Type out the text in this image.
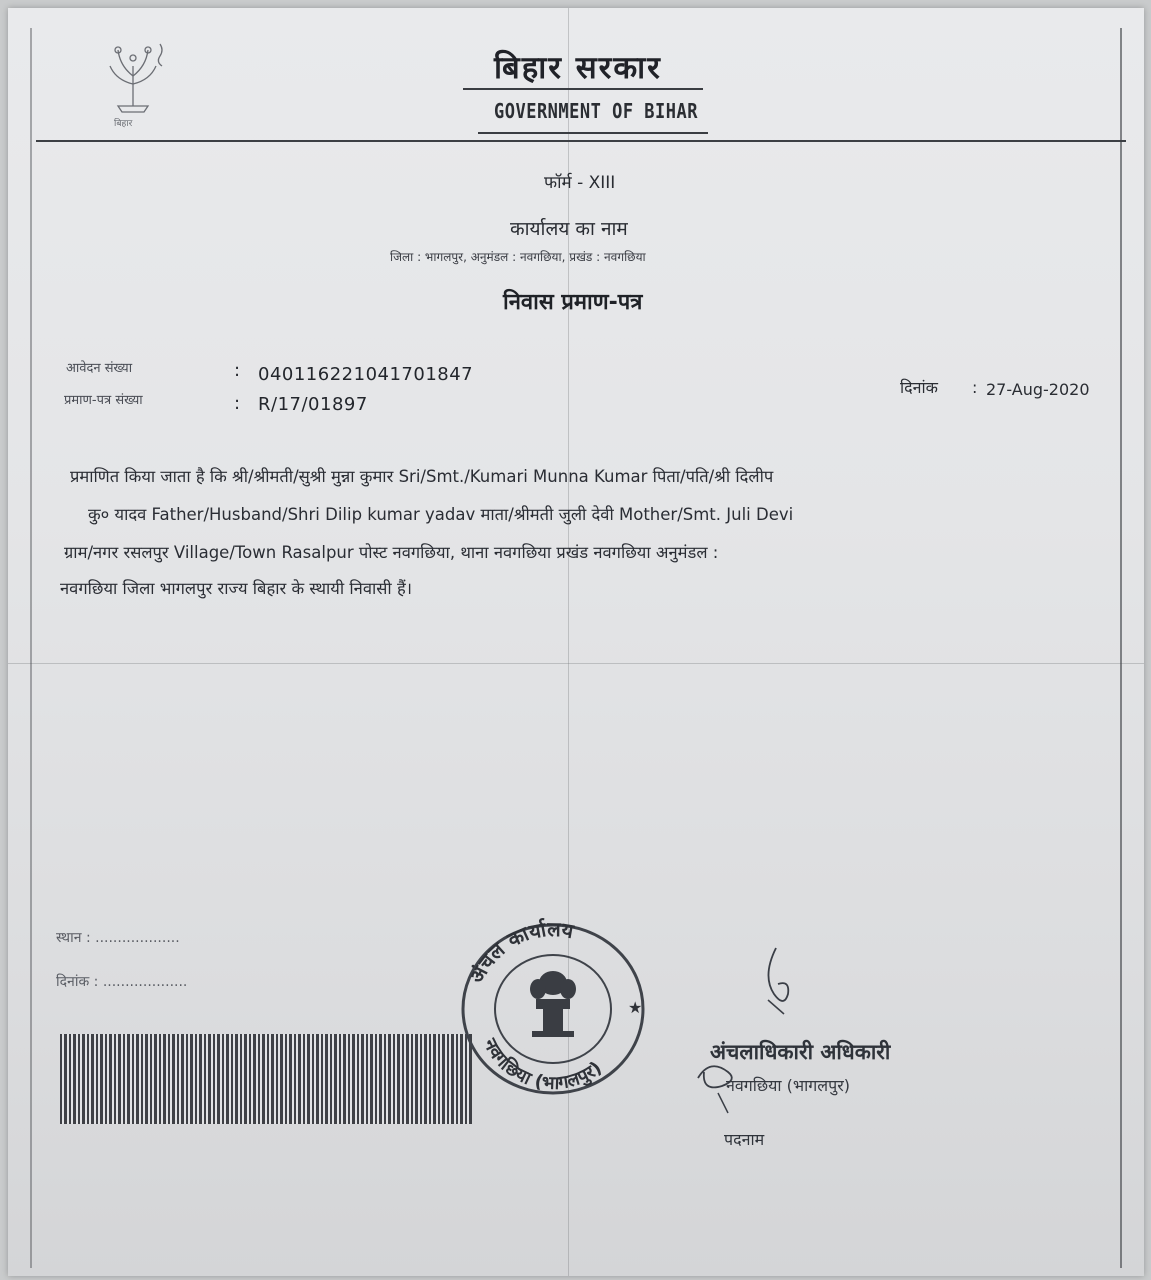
बिहार
बिहार सरकार
GOVERNMENT OF BIHAR
फॉर्म - XIII
कार्यालय का नाम
जिला : भागलपुर, अनुमंडल : नवगछिया, प्रखंड : नवगछिया
निवास प्रमाण-पत्र
आवेदन संख्या	: 040116221041701847
प्रमाण-पत्र संख्या	: R/17/01897
दिनांक : 27-Aug-2020
प्रमाणित किया जाता है कि श्री/श्रीमती/सुश्री मुन्ना कुमार Sri/Smt./Kumari Munna Kumar पिता/पति/श्री दिलीप
कु० यादव Father/Husband/Shri Dilip kumar yadav माता/श्रीमती जुली देवी Mother/Smt. Juli Devi
ग्राम/नगर रसलपुर Village/Town Rasalpur पोस्ट नवगछिया, थाना नवगछिया प्रखंड नवगछिया अनुमंडल :
नवगछिया जिला भागलपुर राज्य बिहार के स्थायी निवासी हैं।
स्थान : ...................
दिनांक : ...................	अंचल कार्यालय
नवगछिया (भागलपुर)
★
अंचलाधिकारी अधिकारी
नवगछिया (भागलपुर)
पदनाम
